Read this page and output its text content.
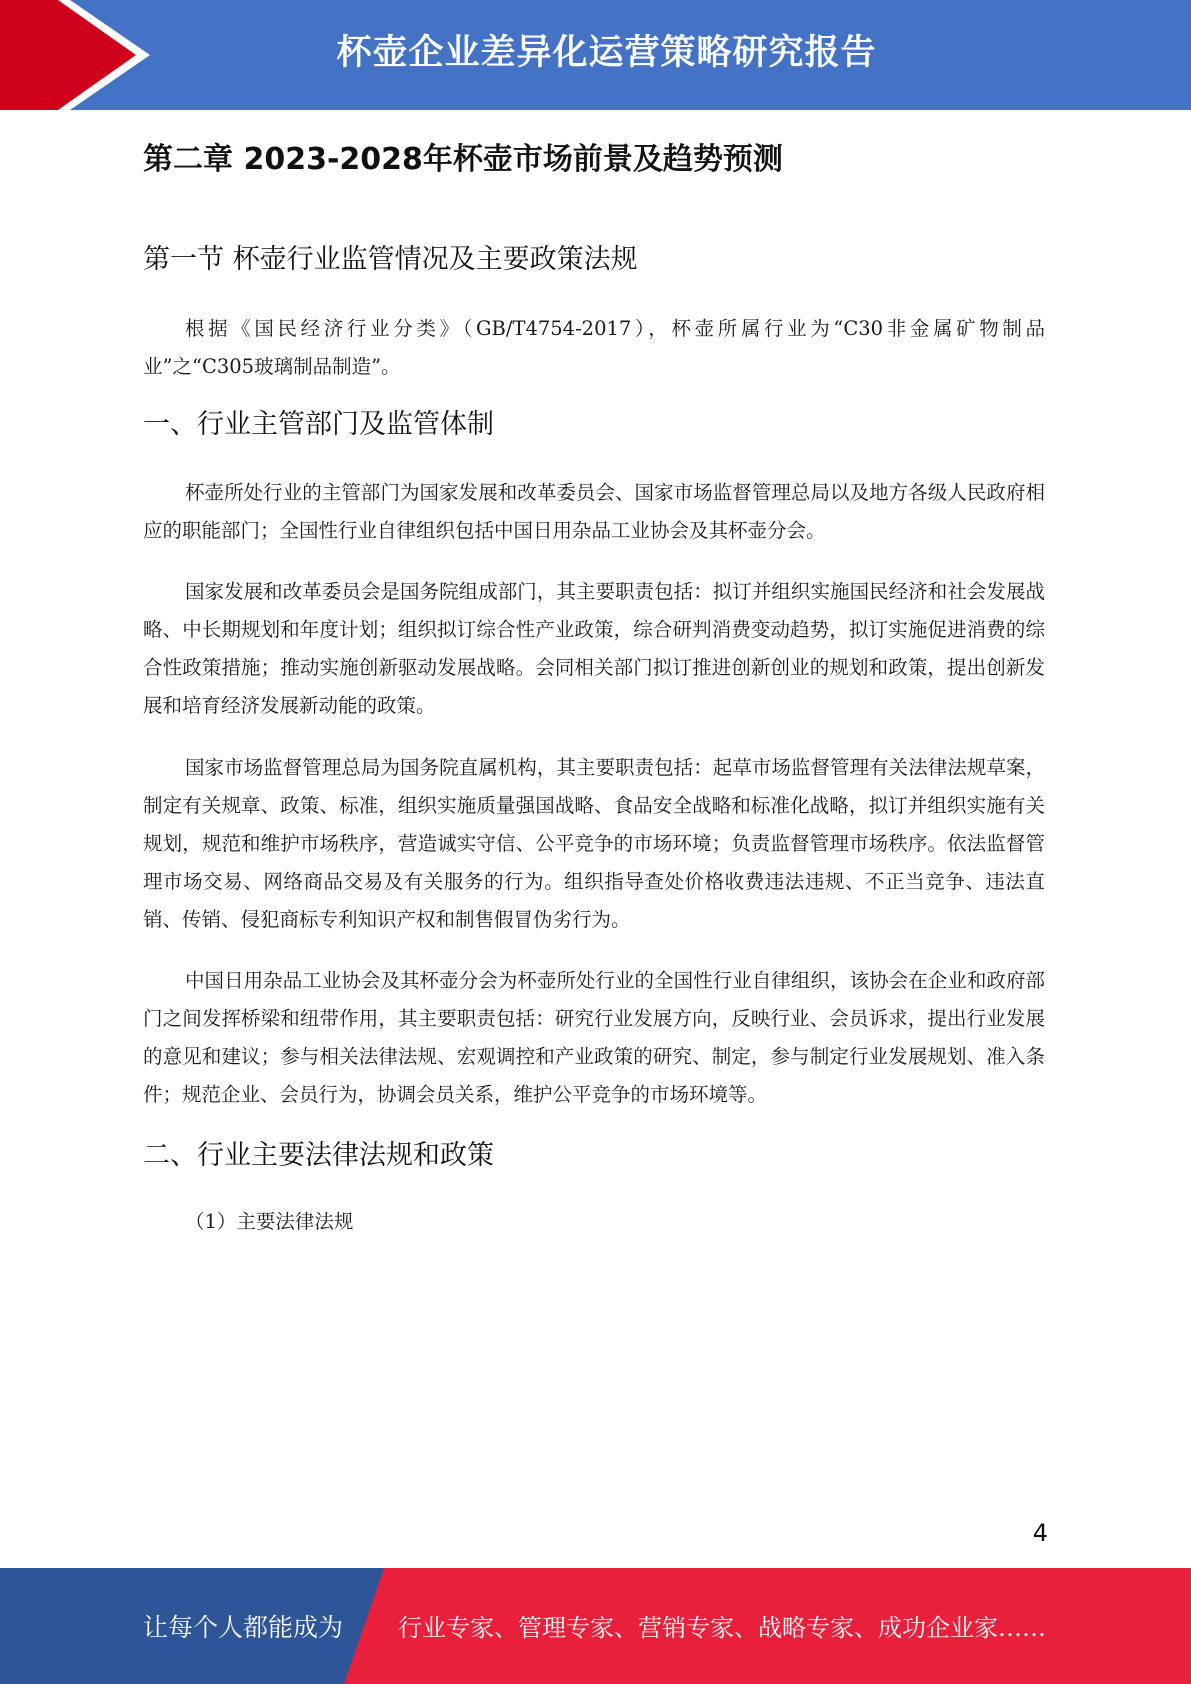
杯壶企业差异化运营策略研究报告
第二章 2023-2028年杯壶市场前景及趋势预测
第一节 杯壶行业监管情况及主要政策法规

根据《国民经济行业分类》（GB/T4754-2017），杯壶所属行业为“C30非金属矿物制品业”之“C305玻璃制品制造”。

一、行业主管部门及监管体制

杯壶所处行业的主管部门为国家发展和改革委员会、国家市场监督管理总局以及地方各级人民政府相应的职能部门；全国性行业自律组织包括中国日用杂品工业协会及其杯壶分会。

国家发展和改革委员会是国务院组成部门，其主要职责包括：拟订并组织实施国民经济和社会发展战略、中长期规划和年度计划；组织拟订综合性产业政策，综合研判消费变动趋势，拟订实施促进消费的综合性政策措施；推动实施创新驱动发展战略。会同相关部门拟订推进创新创业的规划和政策，提出创新发展和培育经济发展新动能的政策。

国家市场监督管理总局为国务院直属机构，其主要职责包括：起草市场监督管理有关法律法规草案，制定有关规章、政策、标准，组织实施质量强国战略、食品安全战略和标准化战略，拟订并组织实施有关规划，规范和维护市场秩序，营造诚实守信、公平竞争的市场环境；负责监督管理市场秩序。依法监督管理市场交易、网络商品交易及有关服务的行为。组织指导查处价格收费违法违规、不正当竞争、违法直销、传销、侵犯商标专利知识产权和制售假冒伪劣行为。

中国日用杂品工业协会及其杯壶分会为杯壶所处行业的全国性行业自律组织，该协会在企业和政府部门之间发挥桥梁和纽带作用，其主要职责包括：研究行业发展方向，反映行业、会员诉求，提出行业发展的意见和建议；参与相关法律法规、宏观调控和产业政策的研究、制定，参与制定行业发展规划、准入条件；规范企业、会员行为，协调会员关系，维护公平竞争的市场环境等。

二、行业主要法律法规和政策

（1）主要法律法规

4
让每个人都能成为 行业专家、管理专家、营销专家、战略专家、成功企业家……
